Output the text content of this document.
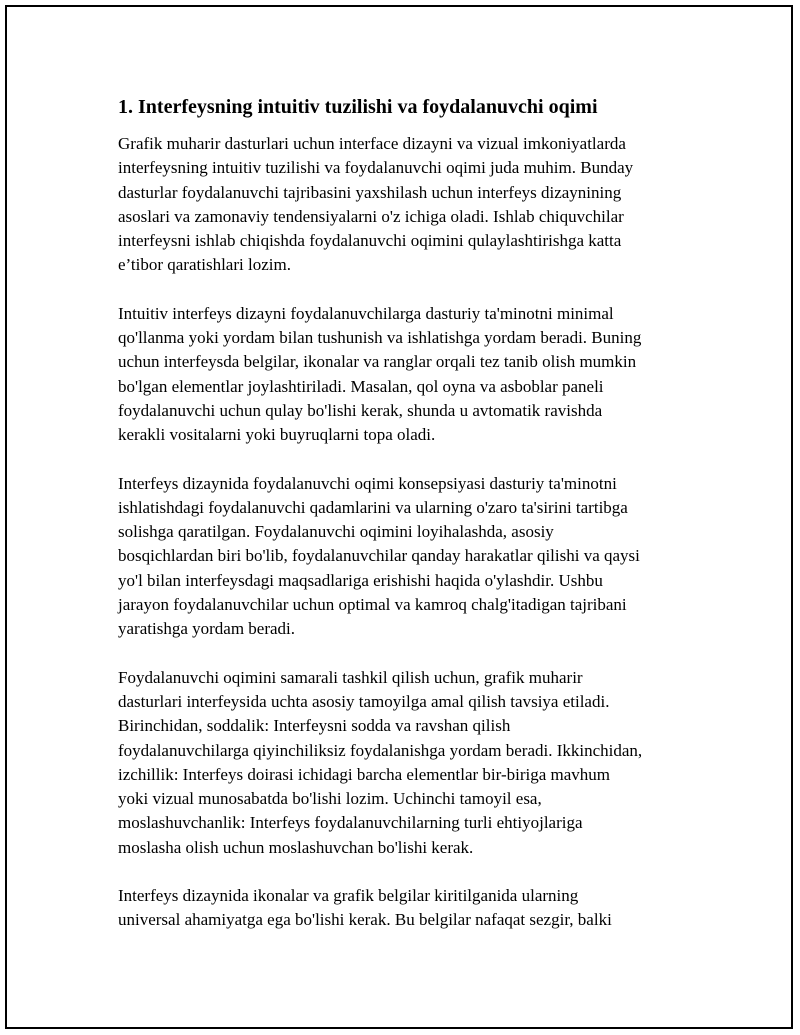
1. Interfeysning intuitiv tuzilishi va foydalanuvchi oqimi
Grafik muharir dasturlari uchun interface dizayni va vizual imkoniyatlarda
interfeysning intuitiv tuzilishi va foydalanuvchi oqimi juda muhim. Bunday
dasturlar foydalanuvchi tajribasini yaxshilash uchun interfeys dizaynining
asoslari va zamonaviy tendensiyalarni o'z ichiga oladi. Ishlab chiquvchilar
interfeysni ishlab chiqishda foydalanuvchi oqimini qulaylashtirishga katta
e’tibor qaratishlari lozim.
Intuitiv interfeys dizayni foydalanuvchilarga dasturiy ta'minotni minimal
qo'llanma yoki yordam bilan tushunish va ishlatishga yordam beradi. Buning
uchun interfeysda belgilar, ikonalar va ranglar orqali tez tanib olish mumkin
bo'lgan elementlar joylashtiriladi. Masalan, qol oyna va asboblar paneli
foydalanuvchi uchun qulay bo'lishi kerak, shunda u avtomatik ravishda
kerakli vositalarni yoki buyruqlarni topa oladi.
Interfeys dizaynida foydalanuvchi oqimi konsepsiyasi dasturiy ta'minotni
ishlatishdagi foydalanuvchi qadamlarini va ularning o'zaro ta'sirini tartibga
solishga qaratilgan. Foydalanuvchi oqimini loyihalashda, asosiy
bosqichlardan biri bo'lib, foydalanuvchilar qanday harakatlar qilishi va qaysi
yo'l bilan interfeysdagi maqsadlariga erishishi haqida o'ylashdir. Ushbu
jarayon foydalanuvchilar uchun optimal va kamroq chalg'itadigan tajribani
yaratishga yordam beradi.
Foydalanuvchi oqimini samarali tashkil qilish uchun, grafik muharir
dasturlari interfeysida uchta asosiy tamoyilga amal qilish tavsiya etiladi.
Birinchidan, soddalik: Interfeysni sodda va ravshan qilish
foydalanuvchilarga qiyinchiliksiz foydalanishga yordam beradi. Ikkinchidan,
izchillik: Interfeys doirasi ichidagi barcha elementlar bir-biriga mavhum
yoki vizual munosabatda bo'lishi lozim. Uchinchi tamoyil esa,
moslashuvchanlik: Interfeys foydalanuvchilarning turli ehtiyojlariga
moslasha olish uchun moslashuvchan bo'lishi kerak.
Interfeys dizaynida ikonalar va grafik belgilar kiritilganida ularning
universal ahamiyatga ega bo'lishi kerak. Bu belgilar nafaqat sezgir, balki
